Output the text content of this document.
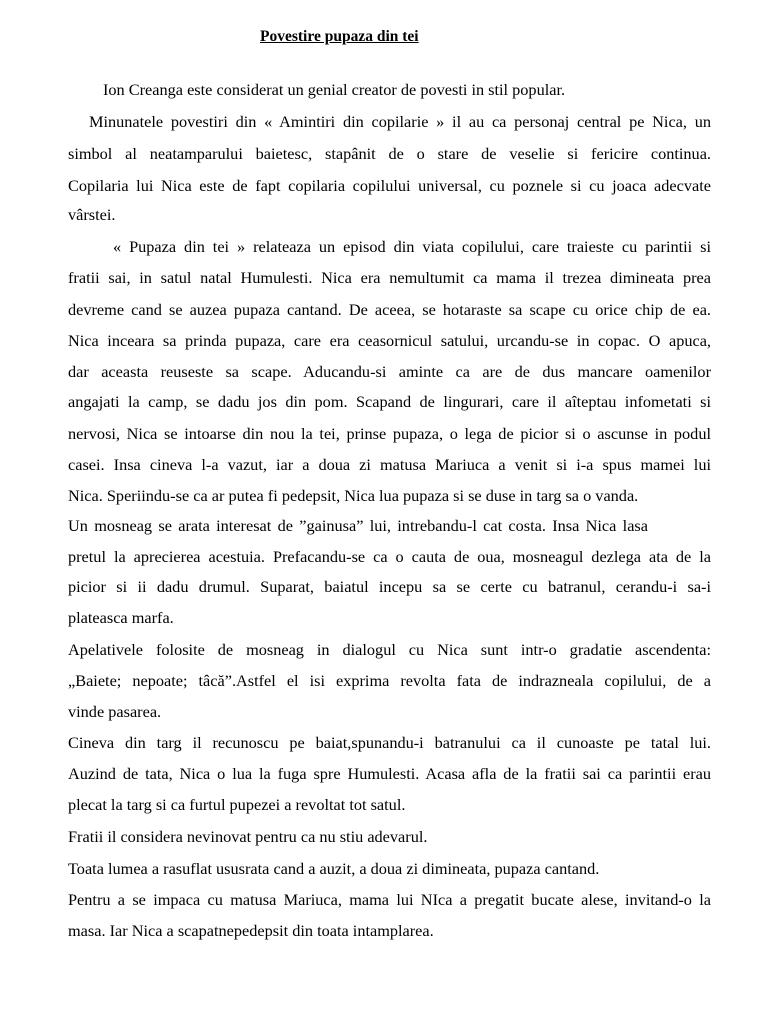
Povestire pupaza din tei
Ion Creanga este considerat un genial creator de povesti in stil popular.
Minunatele povestiri din « Amintiri din copilarie » il au ca personaj central pe Nica, un
simbol al neatamparului baietesc, stapânit de o stare de veselie si fericire continua.
Copilaria lui Nica este de fapt copilaria copilului universal, cu poznele si cu joaca adecvate
vârstei.
« Pupaza din tei » relateaza un episod din viata copilului, care traieste cu parintii si
fratii sai, in satul natal Humulesti. Nica era nemultumit ca mama il trezea dimineata prea
devreme cand se auzea pupaza cantand. De aceea, se hotaraste sa scape cu orice chip de ea.
Nica inceara sa prinda pupaza, care era ceasornicul satului, urcandu-se in copac. O apuca,
dar aceasta reuseste sa scape. Aducandu-si aminte ca are de dus mancare oamenilor
angajati la camp, se dadu jos din pom. Scapand de lingurari, care il aîteptau infometati si
nervosi, Nica se intoarse din nou la tei, prinse pupaza, o lega de picior si o ascunse in podul
casei. Insa cineva l-a vazut, iar a doua zi matusa Mariuca a venit si i-a spus mamei lui
Nica. Speriindu-se ca ar putea fi pedepsit, Nica lua pupaza si se duse in targ sa o vanda.
Un mosneag se arata interesat de ”gainusa” lui, intrebandu-l cat costa. Insa Nica lasa
pretul la aprecierea acestuia. Prefacandu-se ca o cauta de oua, mosneagul dezlega ata de la
picior si ii dadu drumul. Suparat, baiatul incepu sa se certe cu batranul, cerandu-i sa-i
plateasca marfa.
Apelativele folosite de mosneag in dialogul cu Nica sunt intr-o gradatie ascendenta:
„Baiete; nepoate; tâcă”.Astfel el isi exprima revolta fata de indrazneala copilului, de a
vinde pasarea.
Cineva din targ il recunoscu pe baiat,spunandu-i batranului ca il cunoaste pe tatal lui.
Auzind de tata, Nica o lua la fuga spre Humulesti. Acasa afla de la fratii sai ca parintii erau
plecat la targ si ca furtul pupezei a revoltat tot satul.
Fratii il considera nevinovat pentru ca nu stiu adevarul.
Toata lumea a rasuflat ususrata cand a auzit, a doua zi dimineata, pupaza cantand.
Pentru a se impaca cu matusa Mariuca, mama lui NIca a pregatit bucate alese, invitand-o la
masa. Iar Nica a scapatnepedepsit din toata intamplarea.
